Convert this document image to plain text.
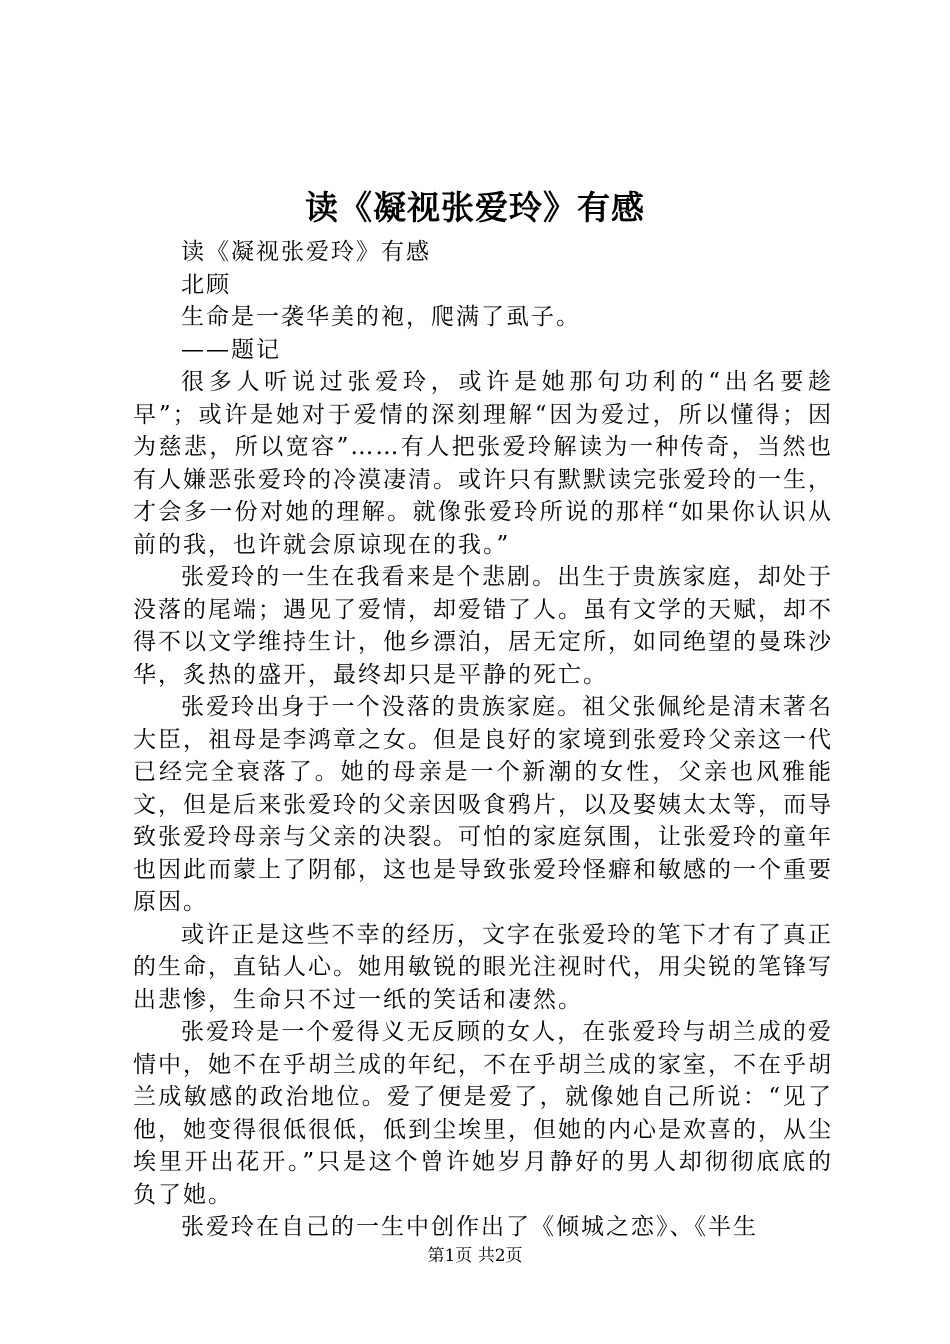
读《凝视张爱玲》有感

读《凝视张爱玲》有感

北顾

生命是一袭华美的袍，爬满了虱子。

——题记

很多人听说过张爱玲，或许是她那句功利的“出名要趁早”；或许是她对于爱情的深刻理解“因为爱过，所以懂得；因为慈悲，所以宽容”……有人把张爱玲解读为一种传奇，当然也有人嫌恶张爱玲的冷漠凄清。或许只有默默读完张爱玲的一生，才会多一份对她的理解。就像张爱玲所说的那样“如果你认识从前的我，也许就会原谅现在的我。”

张爱玲的一生在我看来是个悲剧。出生于贵族家庭，却处于没落的尾端；遇见了爱情，却爱错了人。虽有文学的天赋，却不得不以文学维持生计，他乡漂泊，居无定所，如同绝望的曼珠沙华，炙热的盛开，最终却只是平静的死亡。

张爱玲出身于一个没落的贵族家庭。祖父张佩纶是清末著名大臣，祖母是李鸿章之女。但是良好的家境到张爱玲父亲这一代已经完全衰落了。她的母亲是一个新潮的女性，父亲也风雅能文，但是后来张爱玲的父亲因吸食鸦片，以及娶姨太太等，而导致张爱玲母亲与父亲的决裂。可怕的家庭氛围，让张爱玲的童年也因此而蒙上了阴郁，这也是导致张爱玲怪癖和敏感的一个重要原因。

或许正是这些不幸的经历，文字在张爱玲的笔下才有了真正的生命，直钻人心。她用敏锐的眼光注视时代，用尖锐的笔锋写出悲惨，生命只不过一纸的笑话和凄然。

张爱玲是一个爱得义无反顾的女人，在张爱玲与胡兰成的爱情中，她不在乎胡兰成的年纪，不在乎胡兰成的家室，不在乎胡兰成敏感的政治地位。爱了便是爱了，就像她自己所说：“见了他，她变得很低很低，低到尘埃里，但她的内心是欢喜的，从尘埃里开出花开。”只是这个曾许她岁月静好的男人却彻彻底底的负了她。

张爱玲在自己的一生中创作出了《倾城之恋》、《半生

第1页 共2页
